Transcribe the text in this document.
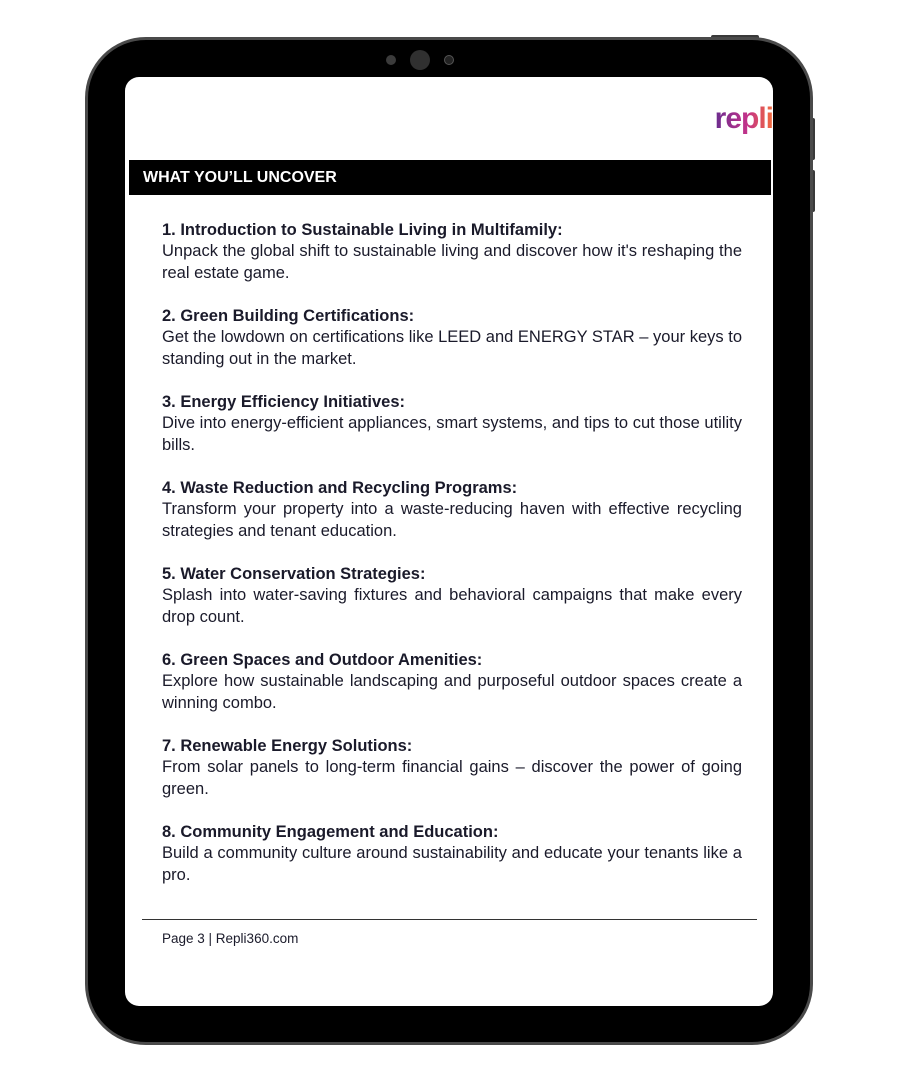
repli
WHAT YOU’LL UNCOVER
1. Introduction to Sustainable Living in Multifamily:
Unpack the global shift to sustainable living and discover how it's reshaping the real estate game.
2. Green Building Certifications:
Get the lowdown on certifications like LEED and ENERGY STAR – your keys to standing out in the market.
3. Energy Efficiency Initiatives:
Dive into energy-efficient appliances, smart systems, and tips to cut those utility bills.
4. Waste Reduction and Recycling Programs:
Transform your property into a waste-reducing haven with effective recycling strategies and tenant education.
5. Water Conservation Strategies:
Splash into water-saving fixtures and behavioral campaigns that make every drop count.
6. Green Spaces and Outdoor Amenities:
Explore how sustainable landscaping and purposeful outdoor spaces create a winning combo.
7. Renewable Energy Solutions:
From solar panels to long-term financial gains – discover the power of going green.
8. Community Engagement and Education:
Build a community culture around sustainability and educate your tenants like a pro.
Page 3 | Repli360.com
